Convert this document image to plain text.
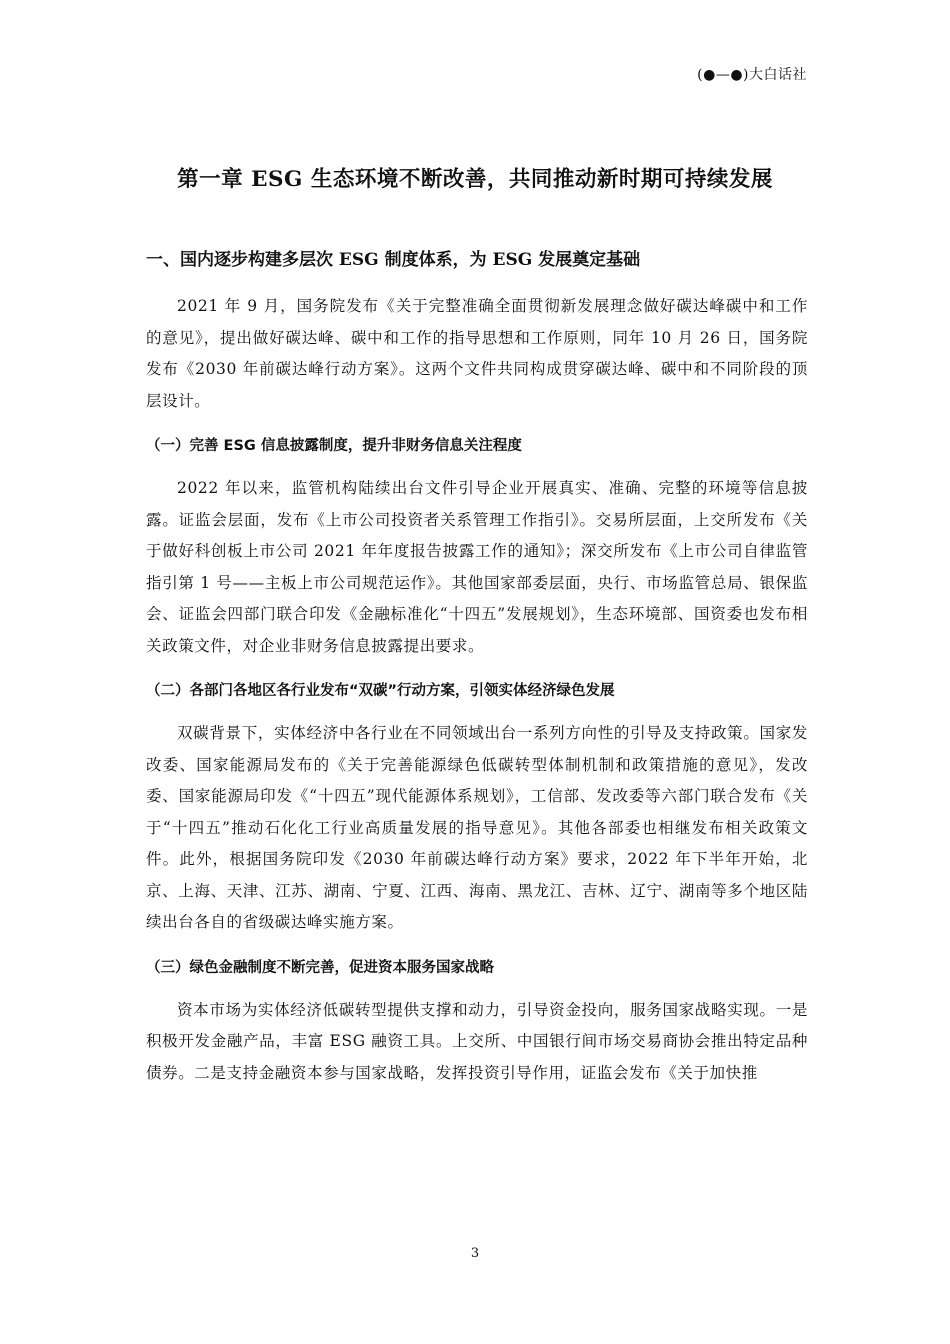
(●—●)大白话社
第一章 ESG 生态环境不断改善，共同推动新时期可持续发展
一、国内逐步构建多层次 ESG 制度体系，为 ESG 发展奠定基础

2021 年 9 月，国务院发布《关于完整准确全面贯彻新发展理念做好碳达峰碳中和工作的意见》，提出做好碳达峰、碳中和工作的指导思想和工作原则，同年 10 月 26 日，国务院发布《2030 年前碳达峰行动方案》。这两个文件共同构成贯穿碳达峰、碳中和不同阶段的顶层设计。

（一）完善 ESG 信息披露制度，提升非财务信息关注程度

2022 年以来，监管机构陆续出台文件引导企业开展真实、准确、完整的环境等信息披露。证监会层面，发布《上市公司投资者关系管理工作指引》。交易所层面，上交所发布《关于做好科创板上市公司 2021 年年度报告披露工作的通知》；深交所发布《上市公司自律监管指引第 1 号——主板上市公司规范运作》。其他国家部委层面，央行、市场监管总局、银保监会、证监会四部门联合印发《金融标准化“十四五”发展规划》，生态环境部、国资委也发布相关政策文件，对企业非财务信息披露提出要求。

（二）各部门各地区各行业发布“双碳”行动方案，引领实体经济绿色发展

双碳背景下，实体经济中各行业在不同领域出台一系列方向性的引导及支持政策。国家发改委、国家能源局发布的《关于完善能源绿色低碳转型体制机制和政策措施的意见》，发改委、国家能源局印发《“十四五”现代能源体系规划》，工信部、发改委等六部门联合发布《关于“十四五”推动石化化工行业高质量发展的指导意见》。其他各部委也相继发布相关政策文件。此外，根据国务院印发《2030 年前碳达峰行动方案》要求，2022 年下半年开始，北京、上海、天津、江苏、湖南、宁夏、江西、海南、黑龙江、吉林、辽宁、湖南等多个地区陆续出台各自的省级碳达峰实施方案。

（三）绿色金融制度不断完善，促进资本服务国家战略

资本市场为实体经济低碳转型提供支撑和动力，引导资金投向，服务国家战略实现。一是积极开发金融产品，丰富 ESG 融资工具。上交所、中国银行间市场交易商协会推出特定品种债券。二是支持金融资本参与国家战略，发挥投资引导作用，证监会发布《关于加快推

3
